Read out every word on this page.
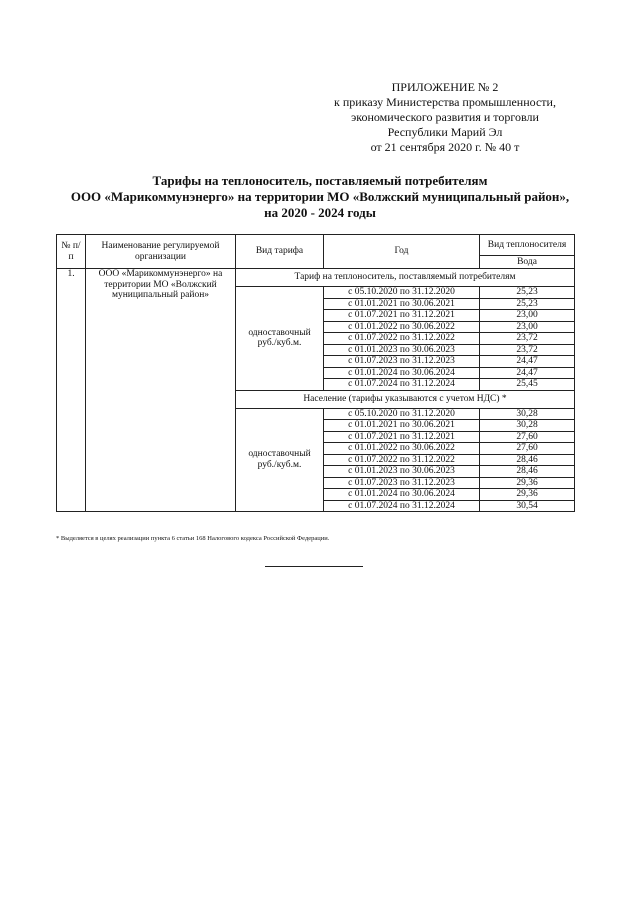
ПРИЛОЖЕНИЕ № 2
к приказу Министерства промышленности,
экономического развития и торговли
Республики Марий Эл
от 21 сентября 2020 г. № 40 т
Тарифы на теплоноситель, поставляемый потребителям
ООО «Марикоммунэнерго» на территории МО «Волжский муниципальный район»,
на 2020 - 2024 годы
№ п/п	Наименование регулируемой организации	Вид тарифа	Год	Вид теплоносителя
				Вода
1.	ООО «Марикоммунэнерго» на территории МО «Волжский муниципальный район»	Тариф на теплоноситель, поставляемый потребителям		
		одноставочный руб./куб.м.	с 05.10.2020 по 31.12.2020	25,23
			с 01.01.2021 по 30.06.2021	25,23
			с 01.07.2021 по 31.12.2021	23,00
			с 01.01.2022 по 30.06.2022	23,00
			с 01.07.2022 по 31.12.2022	23,72
			с 01.01.2023 по 30.06.2023	23,72
			с 01.07.2023 по 31.12.2023	24,47
			с 01.01.2024 по 30.06.2024	24,47
			с 01.07.2024 по 31.12.2024	25,45
		Население (тарифы указываются с учетом НДС) *		
		одноставочный руб./куб.м.	с 05.10.2020 по 31.12.2020	30,28
			с 01.01.2021 по 30.06.2021	30,28
			с 01.07.2021 по 31.12.2021	27,60
			с 01.01.2022 по 30.06.2022	27,60
			с 01.07.2022 по 31.12.2022	28,46
			с 01.01.2023 по 30.06.2023	28,46
			с 01.07.2023 по 31.12.2023	29,36
			с 01.01.2024 по 30.06.2024	29,36
			с 01.07.2024 по 31.12.2024	30,54
* Выделяется в целях реализации пункта 6 статьи 168 Налогового кодекса Российской Федерации.
